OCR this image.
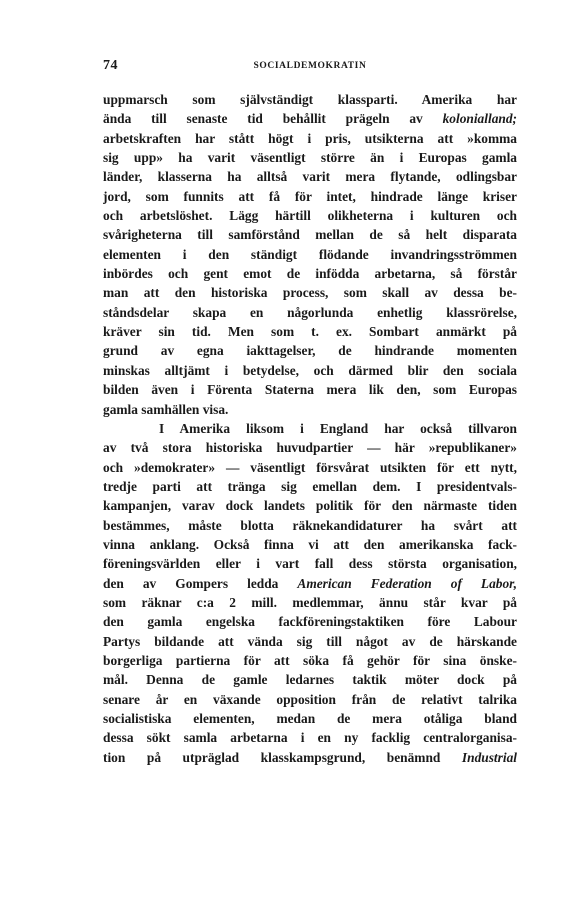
74	SOCIALDEMOKRATIN
uppmarsch som självständigt klassparti. Amerika har
ända till senaste tid behållit prägeln av kolonialland;
arbetskraften har stått högt i pris, utsikterna att »komma
sig upp» ha varit väsentligt större än i Europas gamla
länder, klasserna ha alltså varit mera flytande, odlingsbar
jord, som funnits att få för intet, hindrade länge kriser
och arbetslöshet. Lägg härtill olikheterna i kulturen och
svårigheterna till samförstånd mellan de så helt disparata
elementen i den ständigt flödande invandringsströmmen
inbördes och gent emot de infödda arbetarna, så förstår
man att den historiska process, som skall av dessa be-
ståndsdelar skapa en någorlunda enhetlig klassrörelse,
kräver sin tid. Men som t. ex. Sombart anmärkt på
grund av egna iakttagelser, de hindrande momenten
minskas alltjämt i betydelse, och därmed blir den sociala
bilden även i Förenta Staterna mera lik den, som Europas
gamla samhällen visa.
I Amerika liksom i England har också tillvaron
av två stora historiska huvudpartier — här »republikaner»
och »demokrater» — väsentligt försvårat utsikten för ett nytt,
tredje parti att tränga sig emellan dem. I presidentvals-
kampanjen, varav dock landets politik för den närmaste tiden
bestämmes, måste blotta räknekandidaturer ha svårt att
vinna anklang. Också finna vi att den amerikanska fack-
föreningsvärlden eller i vart fall dess största organisation,
den av Gompers ledda American Federation of Labor,
som räknar c:a 2 mill. medlemmar, ännu står kvar på
den gamla engelska fackföreningstaktiken före Labour
Partys bildande att vända sig till något av de härskande
borgerliga partierna för att söka få gehör för sina önske-
mål. Denna de gamle ledarnes taktik möter dock på
senare år en växande opposition från de relativt talrika
socialistiska elementen, medan de mera otåliga bland
dessa sökt samla arbetarna i en ny facklig centralorganisa-
tion på utpräglad klasskampsgrund, benämnd Industrial
